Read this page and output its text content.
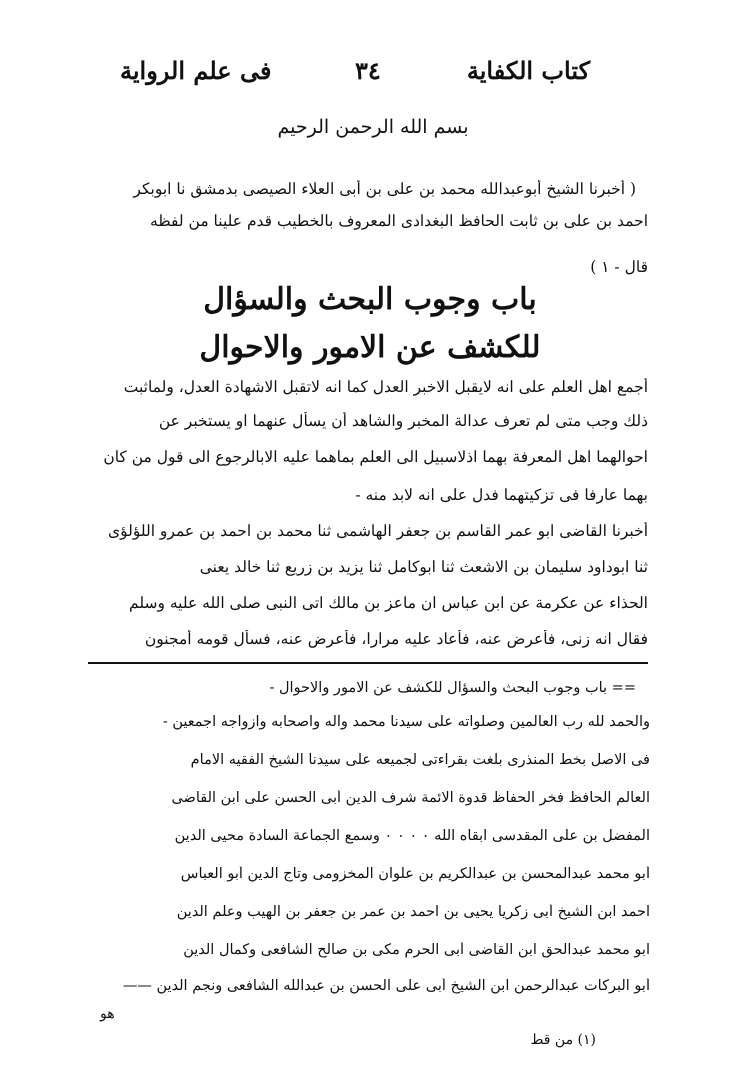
كتاب الكفاية
٣٤
فى علم الرواية
بسم الله الرحمن الرحيم
( أخبرنا الشيخ أبوعبدالله محمد بن على بن أبى العلاء الصيصى بدمشق نا ابوبكر
احمد بن على بن ثابت الحافظ البغدادى المعروف بالخطيب قدم علينا من لفظه
قال - ١ )
باب وجوب البحث والسؤال
للكشف عن الامور والاحوال
أجمع اهل العلم على انه لايقبل الاخبر العدل كما انه لاتقبل الاشهادة العدل، ولماثبت
ذلك وجب متى لم تعرف عدالة المخبر والشاهد أن يسأل عنهما او يستخبر عن
احوالهما اهل المعرفة بهما اذلاسبيل الى العلم بماهما عليه الابالرجوع الى قول من كان
بهما عارفا فى تزكيتهما فدل على انه لابد منه -
أخبرنا القاضى ابو عمر القاسم بن جعفر الهاشمى ثنا محمد بن احمد بن عمرو اللؤلؤى
ثنا ابوداود سليمان بن الاشعث ثنا ابوكامل ثنا يزيد بن زريع ثنا خالد يعنى
الحذاء عن عكرمة عن ابن عباس ان ماعز بن مالك اتى النبى صلى الله عليه وسلم
فقال انه زنى، فأعرض عنه، فأعاد عليه مرارا، فأعرض عنه، فسأل قومه أمجنون
== باب وجوب البحث والسؤال للكشف عن الامور والاحوال -
والحمد لله رب العالمين وصلواته على سيدنا محمد وآله واصحابه وازواجه اجمعين -
فى الاصل بخط المنذرى بلغت بقراءتى لجميعه على سيدنا الشيخ الفقيه الامام
العالم الحافظ فخر الحفاظ قدوة الائمة شرف الدين أبى الحسن على ابن القاضى
المفضل بن على المقدسى ابقاه الله ٠ ٠ ٠ ٠ وسمع الجماعة السادة محيى الدين
أبو محمد عبدالمحسن بن عبدالكريم بن علوان المخزومى وتاج الدين أبو العباس
احمد ابن الشيخ أبى زكريا يحيى بن احمد بن عمر بن جعفر بن الهيب وعلم الدين
ابو محمد عبدالحق ابن القاضى أبى الحرم مكى بن صالح الشافعى وكمال الدين
أبو البركات عبدالرحمن ابن الشيخ أبى على الحسن بن عبدالله الشافعى ونجم الدين ——
هو
(١) من قط
